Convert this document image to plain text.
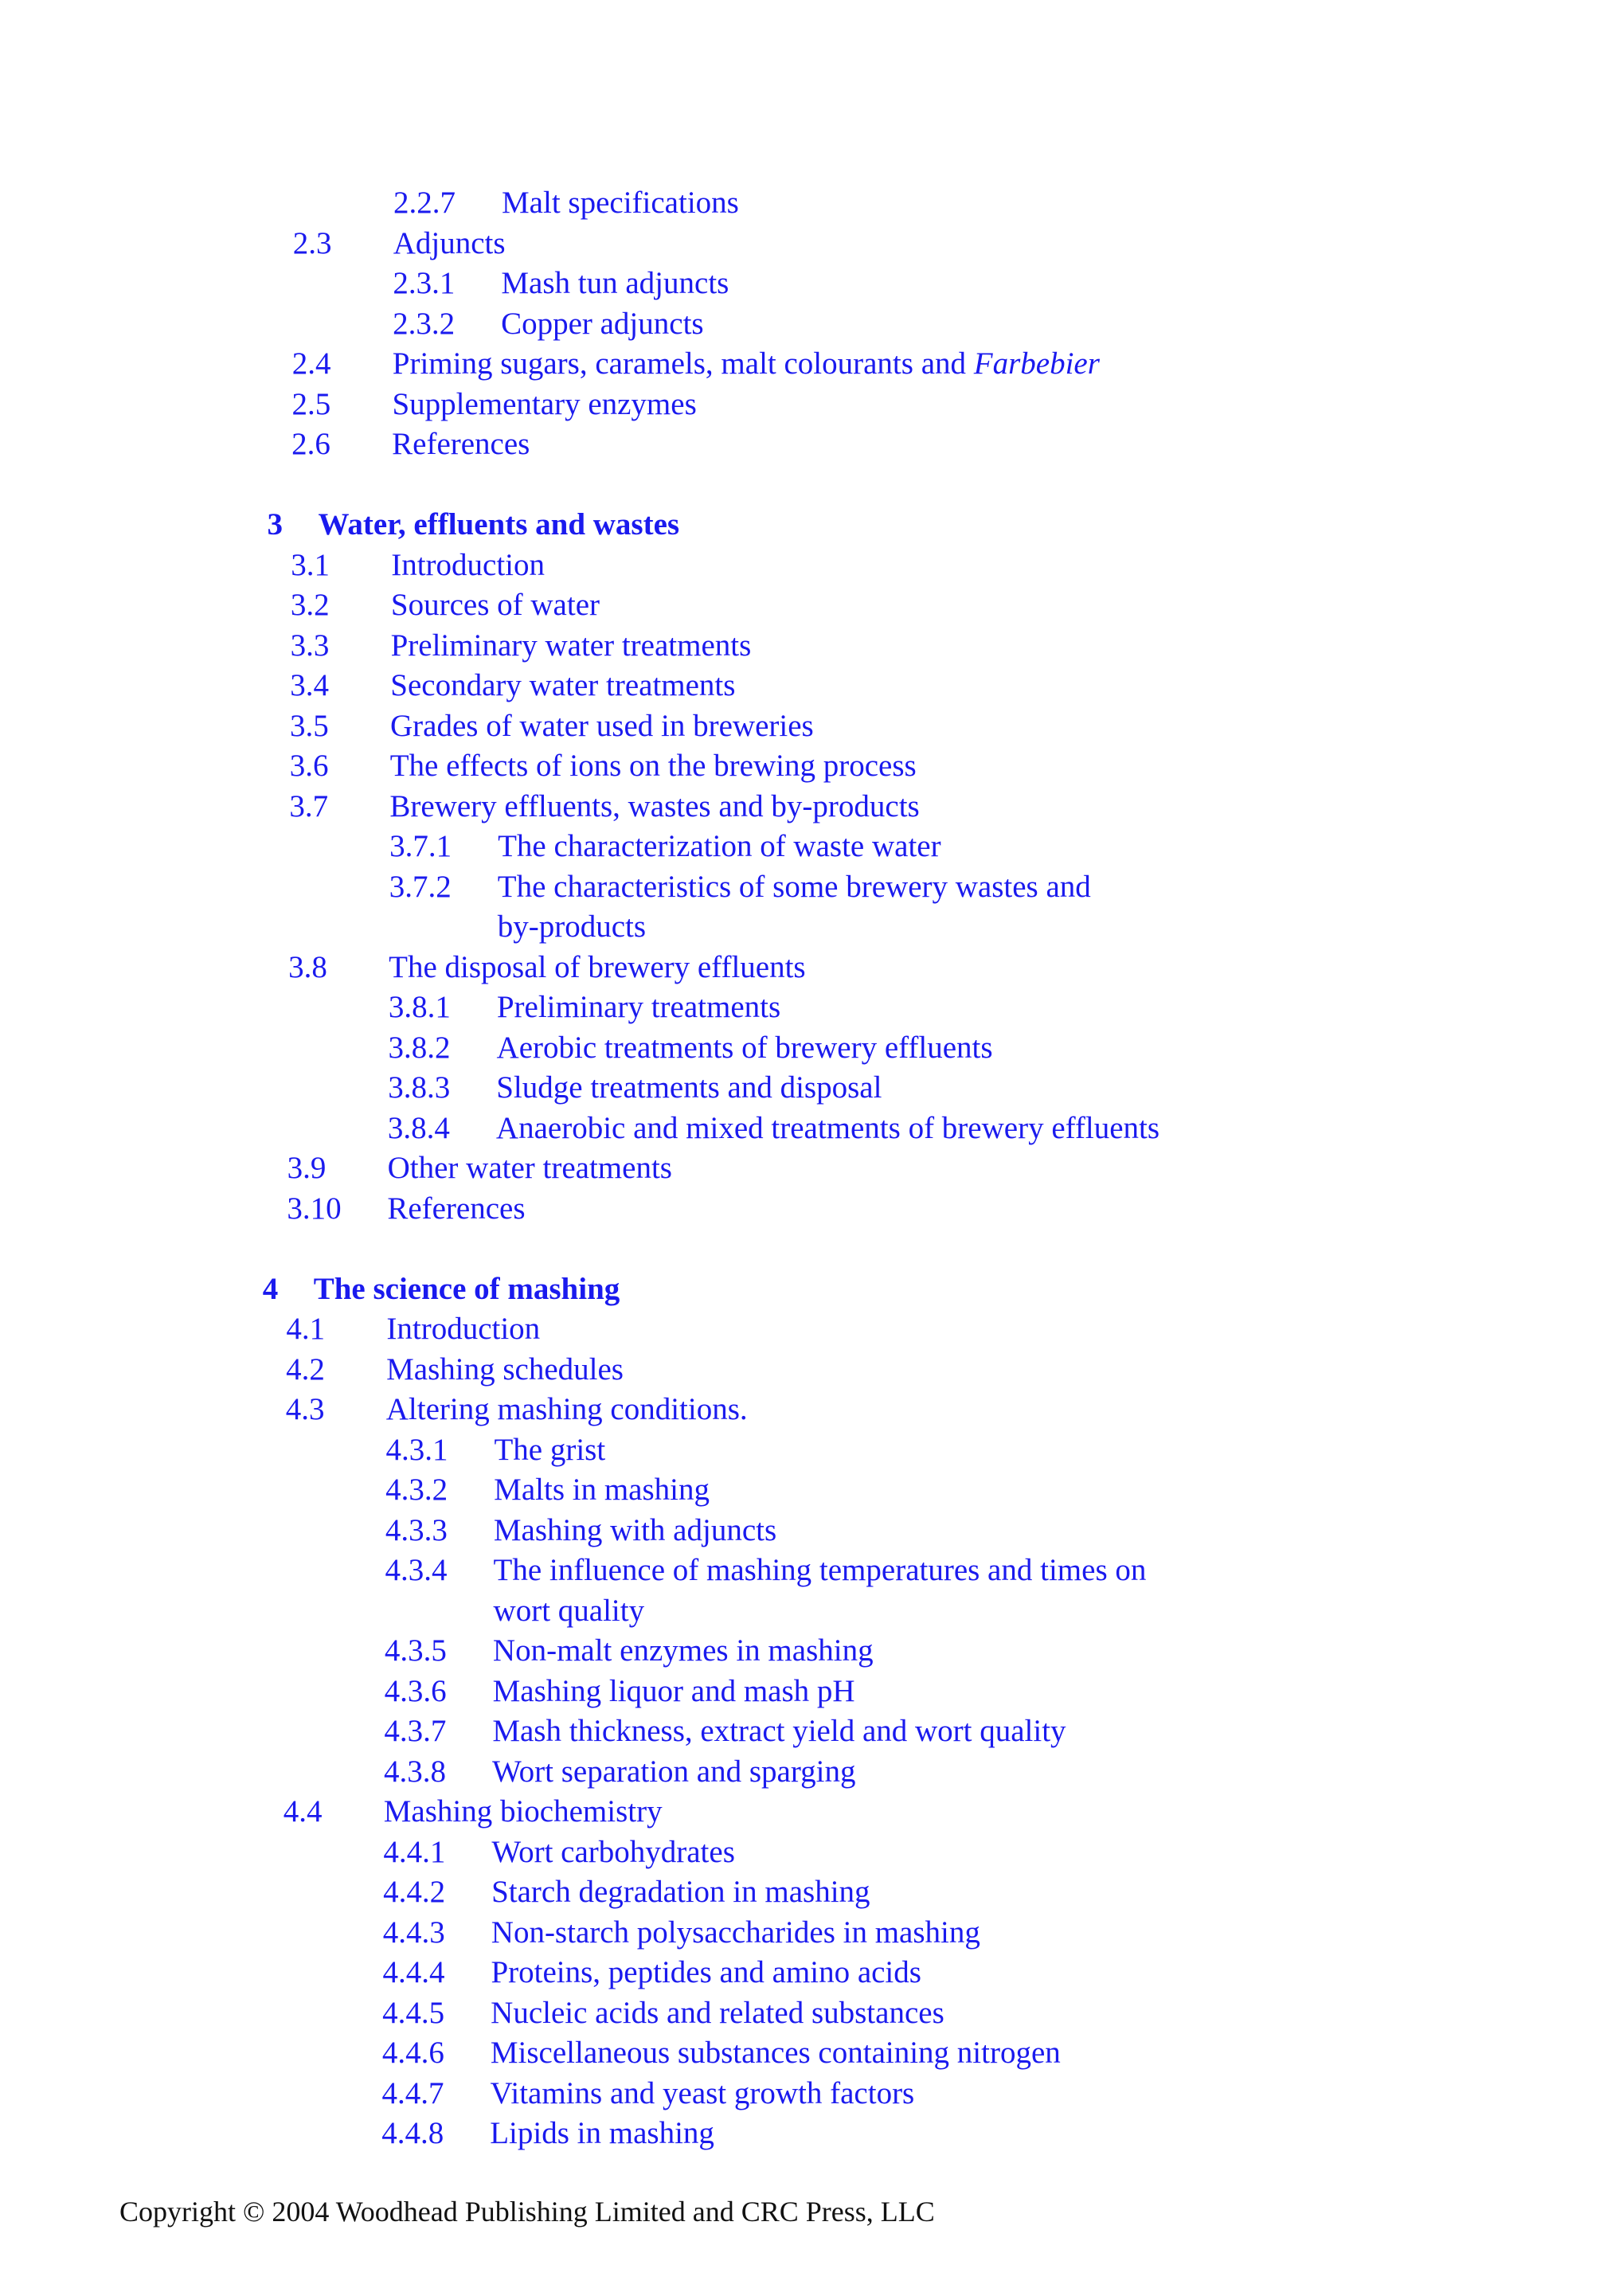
2.2.7 Malt specifications
2.3 Adjuncts
2.3.1 Mash tun adjuncts
2.3.2 Copper adjuncts
2.4 Priming sugars, caramels, malt colourants and Farbebier
2.5 Supplementary enzymes
2.6 References
3 Water, effluents and wastes
3.1 Introduction
3.2 Sources of water
3.3 Preliminary water treatments
3.4 Secondary water treatments
3.5 Grades of water used in breweries
3.6 The effects of ions on the brewing process
3.7 Brewery effluents, wastes and by-products
3.7.1 The characterization of waste water
3.7.2 The characteristics of some brewery wastes and
by-products
3.8 The disposal of brewery effluents
3.8.1 Preliminary treatments
3.8.2 Aerobic treatments of brewery effluents
3.8.3 Sludge treatments and disposal
3.8.4 Anaerobic and mixed treatments of brewery effluents
3.9 Other water treatments
3.10 References
4 The science of mashing
4.1 Introduction
4.2 Mashing schedules
4.3 Altering mashing conditions.
4.3.1 The grist
4.3.2 Malts in mashing
4.3.3 Mashing with adjuncts
4.3.4 The influence of mashing temperatures and times on
wort quality
4.3.5 Non-malt enzymes in mashing
4.3.6 Mashing liquor and mash pH
4.3.7 Mash thickness, extract yield and wort quality
4.3.8 Wort separation and sparging
4.4 Mashing biochemistry
4.4.1 Wort carbohydrates
4.4.2 Starch degradation in mashing
4.4.3 Non-starch polysaccharides in mashing
4.4.4 Proteins, peptides and amino acids
4.4.5 Nucleic acids and related substances
4.4.6 Miscellaneous substances containing nitrogen
4.4.7 Vitamins and yeast growth factors
4.4.8 Lipids in mashing
Copyright © 2004 Woodhead Publishing Limited and CRC Press, LLC
